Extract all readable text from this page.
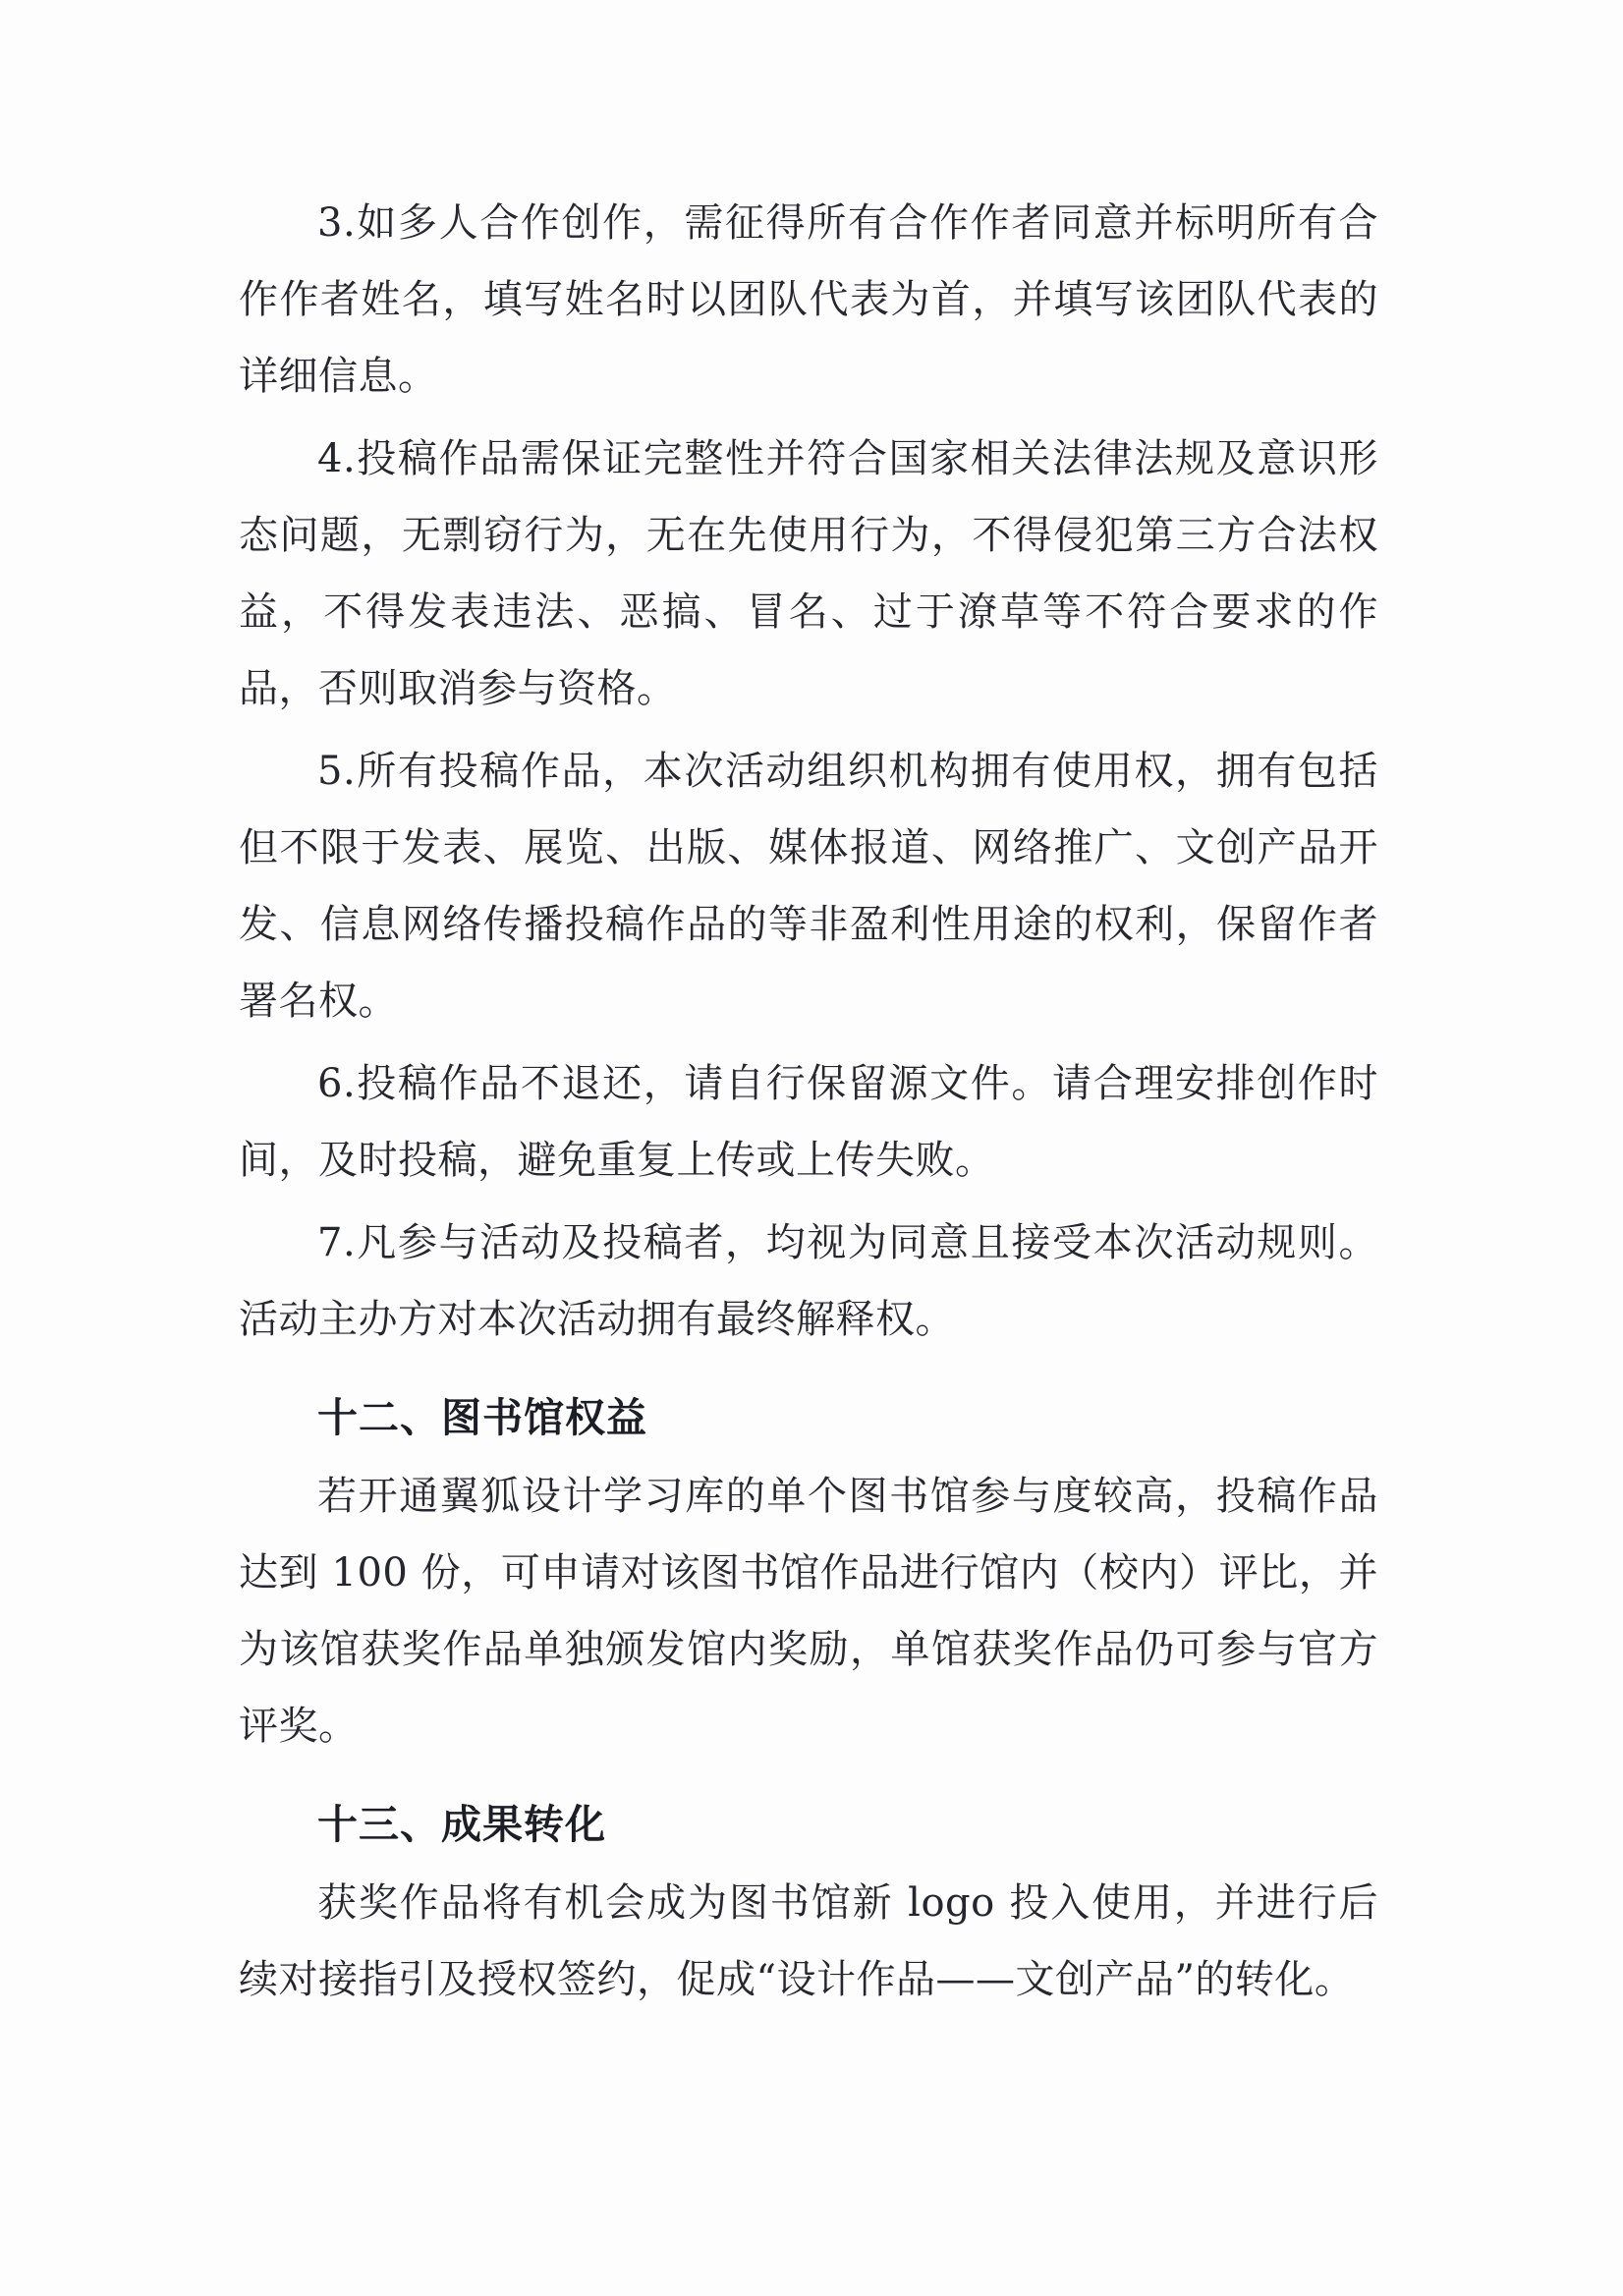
3.如多人合作创作，需征得所有合作作者同意并标明所有合作作者姓名，填写姓名时以团队代表为首，并填写该团队代表的详细信息。

4.投稿作品需保证完整性并符合国家相关法律法规及意识形态问题，无剽窃行为，无在先使用行为，不得侵犯第三方合法权益，不得发表违法、恶搞、冒名、过于潦草等不符合要求的作品，否则取消参与资格。

5.所有投稿作品，本次活动组织机构拥有使用权，拥有包括但不限于发表、展览、出版、媒体报道、网络推广、文创产品开发、信息网络传播投稿作品的等非盈利性用途的权利，保留作者署名权。

6.投稿作品不退还，请自行保留源文件。请合理安排创作时间，及时投稿，避免重复上传或上传失败。

7.凡参与活动及投稿者，均视为同意且接受本次活动规则。活动主办方对本次活动拥有最终解释权。

十二、图书馆权益

若开通翼狐设计学习库的单个图书馆参与度较高，投稿作品达到 100 份，可申请对该图书馆作品进行馆内（校内）评比，并为该馆获奖作品单独颁发馆内奖励，单馆获奖作品仍可参与官方评奖。

十三、成果转化

获奖作品将有机会成为图书馆新 logo 投入使用，并进行后续对接指引及授权签约，促成“设计作品——文创产品”的转化。
